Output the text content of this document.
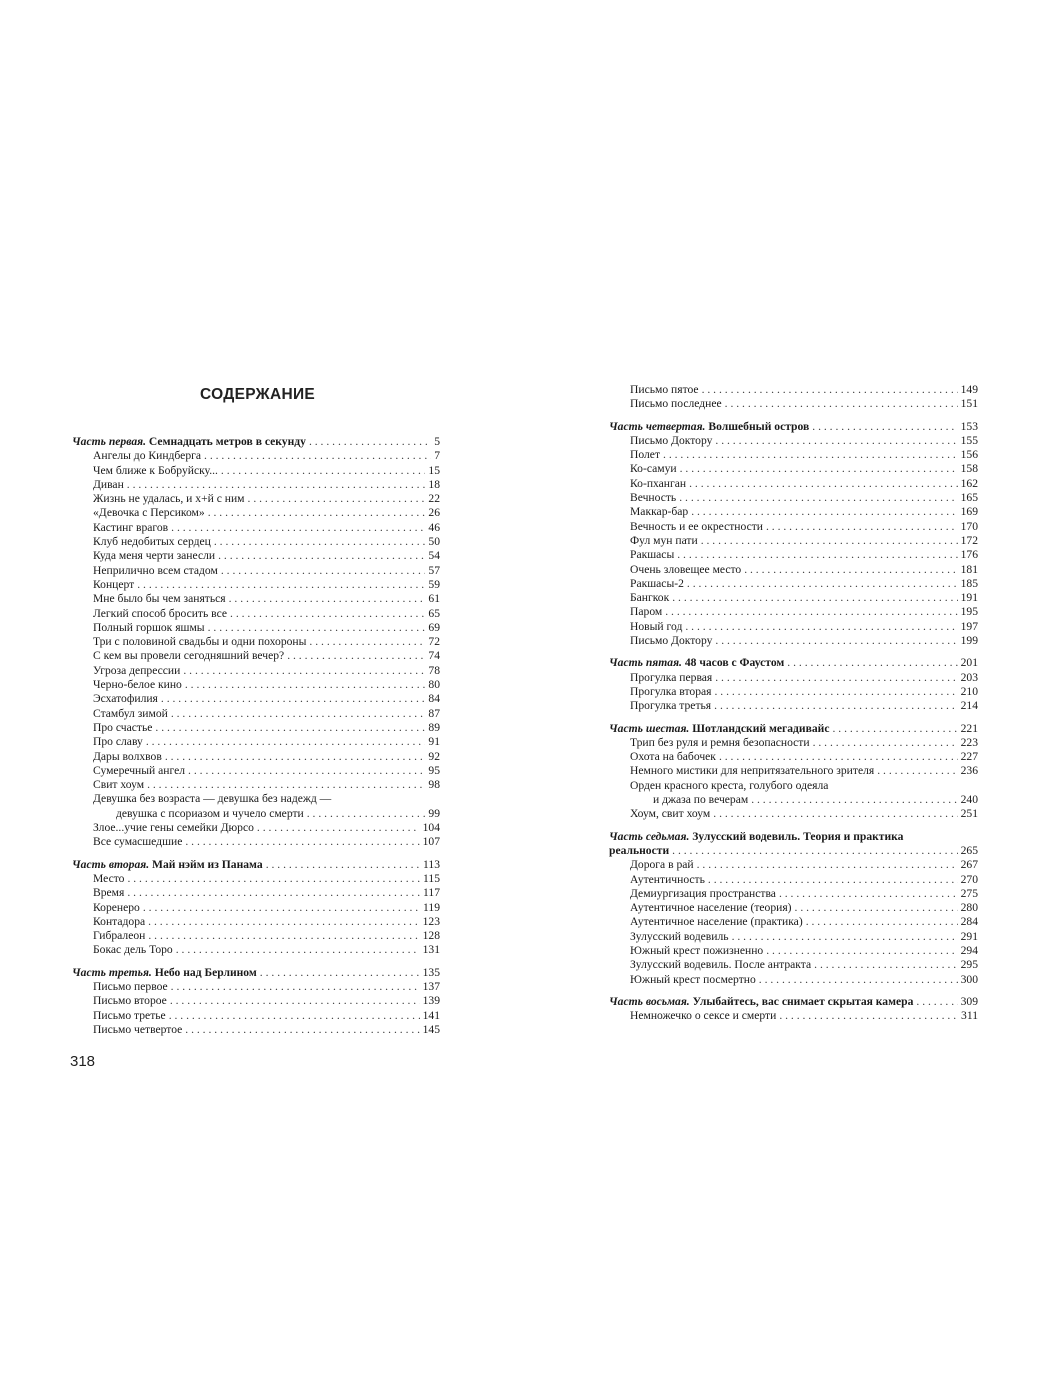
СОДЕРЖАНИЕ
Часть первая. Семнадцать метров в секунду . . .	5
Ангелы до Киндберга . . .	7
Чем ближе к Бобруйску... . . .	15
Диван . . .	18
Жизнь не удалась, и х+й с ним . . .	22
«Девочка с Персиком» . . .	26
Кастинг врагов . . .	46
Клуб недобитых сердец . . .	50
Куда меня черти занесли . . .	54
Неприлично всем стадом . . .	57
Концерт . . .	59
Мне было бы чем заняться . . .	61
Легкий способ бросить все . . .	65
Полный горшок яшмы . . .	69
Три с половиной свадьбы и одни похороны . . .	72
С кем вы провели сегодняшний вечер? . . .	74
Угроза депрессии . . .	78
Черно-белое кино . . .	80
Эсхатофилия . . .	84
Стамбул зимой . . .	87
Про счастье . . .	89
Про славу . . .	91
Дары волхвов . . .	92
Сумеречный ангел . . .	95
Свит хоум . . .	98
Девушка без возраста — девушка без надежд —
девушка с псориазом и чучело смерти . . .	99
Злое...учие гены семейки Дюрсо . . .	104
Все сумасшедшие . . .	107
Часть вторая. Май нэйм из Панама . . .	113
Место . . .	115
Время . . .	117
Коренеро . . .	119
Контадора . . .	123
Гибралеон . . .	128
Бокас дель Торо . . .	131
Часть третья. Небо над Берлином . . .	135
Письмо первое . . .	137
Письмо второе . . .	139
Письмо третье . . .	141
Письмо четвертое . . .	145
318
Письмо пятое . . .	149
Письмо последнее . . .	151
Часть четвертая. Волшебный остров . . .	153
Письмо Доктору . . .	155
Полет . . .	156
Ко-самуи . . .	158
Ко-пханган . . .	162
Вечность . . .	165
Маккар-бар . . .	169
Вечность и ее окрестности . . .	170
Фул мун пати . . .	172
Ракшасы . . .	176
Очень зловещее место . . .	181
Ракшасы-2 . . .	185
Бангкок . . .	191
Паром . . .	195
Новый год . . .	197
Письмо Доктору . . .	199
Часть пятая. 48 часов с Фаустом . . .	201
Прогулка первая . . .	203
Прогулка вторая . . .	210
Прогулка третья . . .	214
Часть шестая. Шотландский мегадивайс . . .	221
Трип без руля и ремня безопасности . . .	223
Охота на бабочек . . .	227
Немного мистики для непритязательного зрителя . . .	236
Орден красного креста, голубого одеяла
и джаза по вечерам . . .	240
Хоум, свит хоум . . .	251
Часть седьмая. Зулусский водевиль. Теория и практика
реальности . . .	265
Дорога в рай . . .	267
Аутентичность . . .	270
Демиургизация пространства . . .	275
Аутентичное население (теория) . . .	280
Аутентичное население (практика) . . .	284
Зулусский водевиль . . .	291
Южный крест пожизненно . . .	294
Зулусский водевиль. После антракта . . .	295
Южный крест посмертно . . .	300
Часть восьмая. Улыбайтесь, вас снимает скрытая камера . . .	309
Немножечко о сексе и смерти . . .	311
